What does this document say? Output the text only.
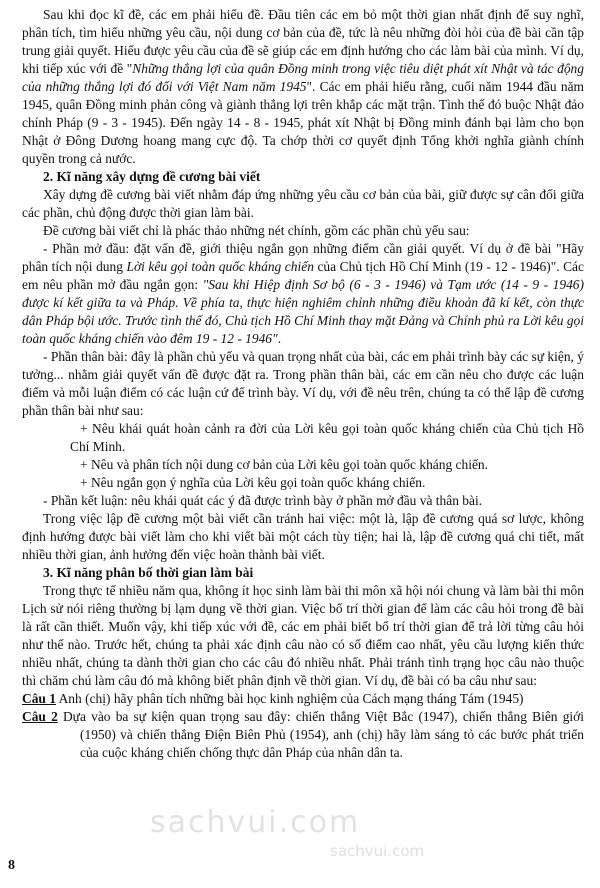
Sau khi đọc kĩ đề, các em phải hiểu đề. Đầu tiên các em bỏ một thời gian nhất định để suy nghĩ, phân tích, tìm hiểu những yêu cầu, nội dung cơ bản của đề, tức là nêu những đòi hỏi của đề bài cần tập trung giải quyết. Hiểu được yêu cầu của đề sẽ giúp các em định hướng cho các làm bài của mình. Ví dụ, khi tiếp xúc với đề "Những thắng lợi của quân Đồng minh trong việc tiêu diệt phát xít Nhật và tác động của những thắng lợi đó đối với Việt Nam năm 1945". Các em phải hiểu rằng, cuối năm 1944 đầu năm 1945, quân Đồng minh phản công và giành thắng lợi trên khắp các mặt trận. Tình thế đó buộc Nhật đảo chính Pháp (9 - 3 - 1945). Đến ngày 14 - 8 - 1945, phát xít Nhật bị Đồng minh đánh bại làm cho bọn Nhật ở Đông Dương hoang mang cực độ. Ta chớp thời cơ quyết định Tổng khởi nghĩa giành chính quyền trong cả nước.

2. Kĩ năng xây dựng đề cương bài viết

Xây dựng đề cương bài viết nhằm đáp ứng những yêu cầu cơ bản của bài, giữ được sự cân đối giữa các phần, chủ động được thời gian làm bài.

Đề cương bài viết chỉ là phác thảo những nét chính, gồm các phần chủ yếu sau:

- Phần mở đầu: đặt vấn đề, giới thiệu ngắn gọn những điểm cần giải quyết. Ví dụ ở đề bài "Hãy phân tích nội dung Lời kêu gọi toàn quốc kháng chiến của Chủ tịch Hồ Chí Minh (19 - 12 - 1946)". Các em nêu phần mở đầu ngắn gọn: "Sau khi Hiệp định Sơ bộ (6 - 3 - 1946) và Tạm ước (14 - 9 - 1946) được kí kết giữa ta và Pháp. Về phía ta, thực hiện nghiêm chỉnh những điều khoản đã kí kết, còn thực dân Pháp bội ước. Trước tình thế đó, Chủ tịch Hồ Chí Minh thay mặt Đảng và Chính phủ ra Lời kêu gọi toàn quốc kháng chiến vào đêm 19 - 12 - 1946".

- Phần thân bài: đây là phần chủ yếu và quan trọng nhất của bài, các em phải trình bày các sự kiện, ý tưởng... nhằm giải quyết vấn đề được đặt ra. Trong phần thân bài, các em cần nêu cho được các luận điểm và mỗi luận điểm có các luận cứ để trình bày. Ví dụ, với đề nêu trên, chúng ta có thể lập đề cương phần thân bài như sau:

+ Nêu khái quát hoàn cảnh ra đời của Lời kêu gọi toàn quốc kháng chiến của Chủ tịch Hồ Chí Minh.

+ Nêu và phân tích nội dung cơ bản của Lời kêu gọi toàn quốc kháng chiến.

+ Nêu ngắn gọn ý nghĩa của Lời kêu gọi toàn quốc kháng chiến.

- Phần kết luận: nêu khái quát các ý đã được trình bày ở phần mở đầu và thân bài.

Trong việc lập đề cương một bài viết cần tránh hai việc: một là, lập đề cương quá sơ lược, không định hướng được bài viết làm cho khi viết bài một cách tùy tiện; hai là, lập đề cương quá chi tiết, mất nhiều thời gian, ảnh hưởng đến việc hoàn thành bài viết.

3. Kĩ năng phân bố thời gian làm bài

Trong thực tế nhiều năm qua, không ít học sinh làm bài thi môn xã hội nói chung và làm bài thi môn Lịch sử nói riêng thường bị lạm dụng về thời gian. Việc bố trí thời gian để làm các câu hỏi trong đề bài là rất cần thiết. Muốn vậy, khi tiếp xúc với đề, các em phải biết bố trí thời gian để trả lời từng câu hỏi như thế nào. Trước hết, chúng ta phải xác định câu nào có số điểm cao nhất, yêu cầu lượng kiến thức nhiều nhất, chúng ta dành thời gian cho các câu đó nhiều nhất. Phải tránh tình trạng học câu nào thuộc thì chăm chú làm câu đó mà không biết phân định về thời gian. Ví dụ, đề bài có ba câu như sau:

Câu 1 Anh (chị) hãy phân tích những bài học kinh nghiệm của Cách mạng tháng Tám (1945)

Câu 2 Dựa vào ba sự kiện quan trọng sau đây: chiến thắng Việt Bắc (1947), chiến thắng Biên giới (1950) và chiến thắng Điện Biên Phủ (1954), anh (chị) hãy làm sáng tỏ các bước phát triển của cuộc kháng chiến chống thực dân Pháp của nhân dân ta.

sachvui.com
sachvui.com
8
